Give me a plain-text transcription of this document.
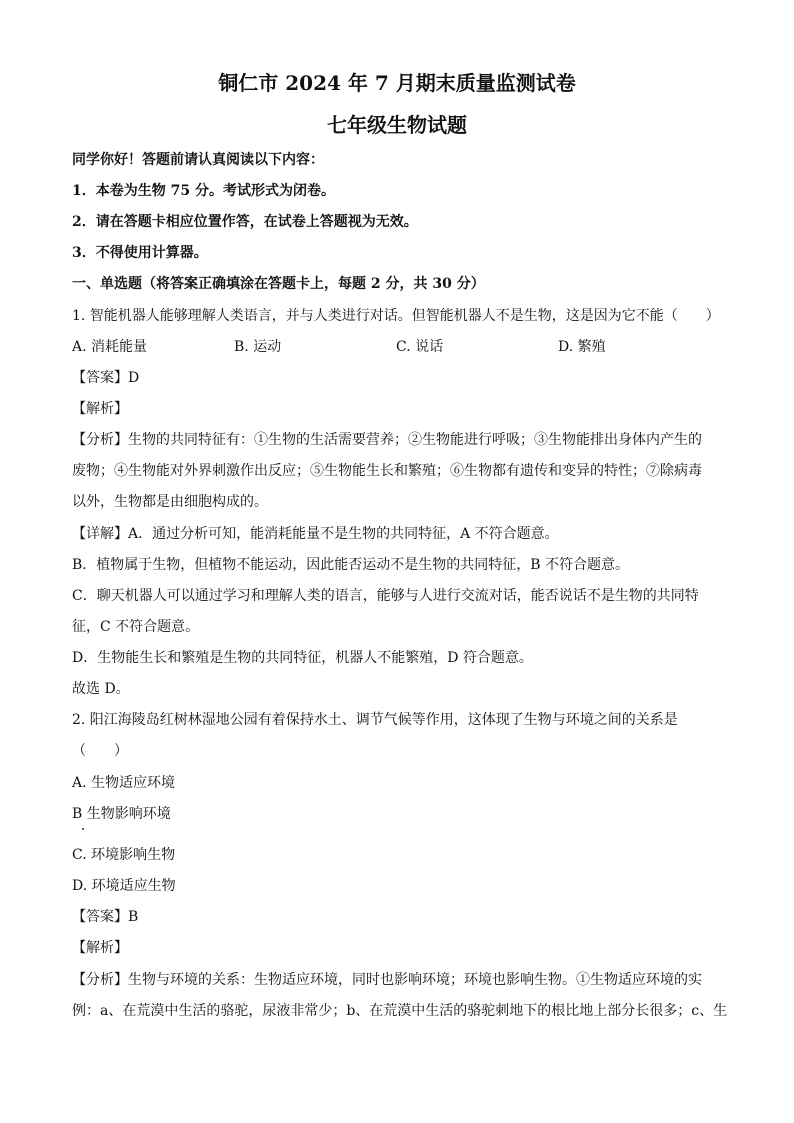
铜仁市 2024 年 7 月期末质量监测试卷
七年级生物试题
同学你好！答题前请认真阅读以下内容：
1．本卷为生物 75 分。考试形式为闭卷。
2．请在答题卡相应位置作答，在试卷上答题视为无效。
3．不得使用计算器。
一、单选题（将答案正确填涂在答题卡上，每题 2 分，共 30 分）
1. 智能机器人能够理解人类语言，并与人类进行对话。但智能机器人不是生物，这是因为它不能（　　）
A. 消耗能量	B. 运动	C. 说话	D. 繁殖
【答案】D
【解析】
【分析】生物的共同特征有：①生物的生活需要营养；②生物能进行呼吸；③生物能排出身体内产生的
废物；④生物能对外界刺激作出反应；⑤生物能生长和繁殖；⑥生物都有遗传和变异的特性；⑦除病毒
以外，生物都是由细胞构成的。
【详解】A．通过分析可知，能消耗能量不是生物的共同特征，A 不符合题意。
B．植物属于生物，但植物不能运动，因此能否运动不是生物的共同特征，B 不符合题意。
C．聊天机器人可以通过学习和理解人类的语言，能够与人进行交流对话，能否说话不是生物的共同特
征，C 不符合题意。
D．生物能生长和繁殖是生物的共同特征，机器人不能繁殖，D 符合题意。
故选 D。
2. 阳江海陵岛红树林湿地公园有着保持水土、调节气候等作用，这体现了生物与环境之间的关系是
（　　）
A. 生物适应环境
B 生物影响环境
C. 环境影响生物
D. 环境适应生物
【答案】B
【解析】
【分析】生物与环境的关系：生物适应环境，同时也影响环境；环境也影响生物。①生物适应环境的实
例：a、在荒漠中生活的骆驼，尿液非常少；b、在荒漠中生活的骆驼刺地下的根比地上部分长很多；c、生
